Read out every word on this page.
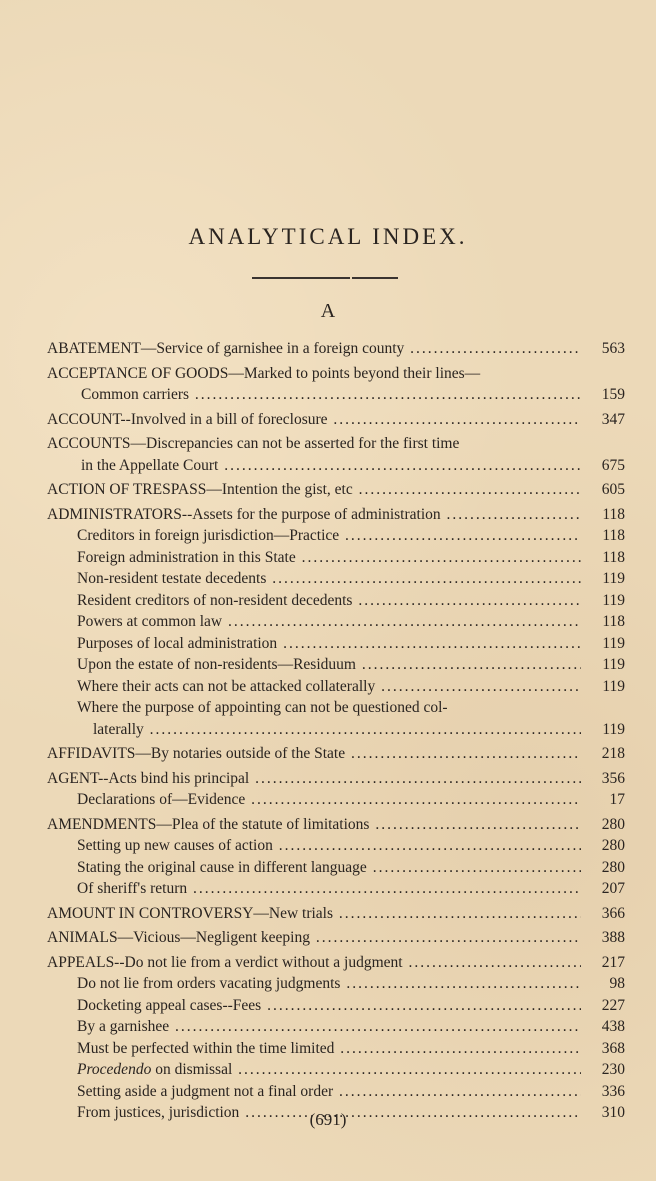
ANALYTICAL INDEX.
A
ABATEMENT—Service of garnishee in a foreign county .....	563
ACCEPTANCE OF GOODS—Marked to points beyond their lines—
Common carriers .....	159
ACCOUNT--Involved in a bill of foreclosure .....	347
ACCOUNTS—Discrepancies can not be asserted for the first time
in the Appellate Court .....	675
ACTION OF TRESPASS—Intention the gist, etc .....	605
ADMINISTRATORS--Assets for the purpose of administration .....	118
Creditors in foreign jurisdiction—Practice .....	118
Foreign administration in this State .....	118
Non-resident testate decedents .....	119
Resident creditors of non-resident decedents .....	119
Powers at common law .....	118
Purposes of local administration .....	119
Upon the estate of non-residents—Residuum .....	119
Where their acts can not be attacked collaterally .....	119
Where the purpose of appointing can not be questioned col-
laterally .....	119
AFFIDAVITS—By notaries outside of the State .....	218
AGENT--Acts bind his principal .....	356
Declarations of—Evidence .....	17
AMENDMENTS—Plea of the statute of limitations .....	280
Setting up new causes of action .....	280
Stating the original cause in different language .....	280
Of sheriff's return .....	207
AMOUNT IN CONTROVERSY—New trials .....	366
ANIMALS—Vicious—Negligent keeping .....	388
APPEALS--Do not lie from a verdict without a judgment .....	217
Do not lie from orders vacating judgments .....	98
Docketing appeal cases--Fees .....	227
By a garnishee .....	438
Must be perfected within the time limited .....	368
Procedendo on dismissal .....	230
Setting aside a judgment not a final order .....	336
From justices, jurisdiction .....	310
(691)
